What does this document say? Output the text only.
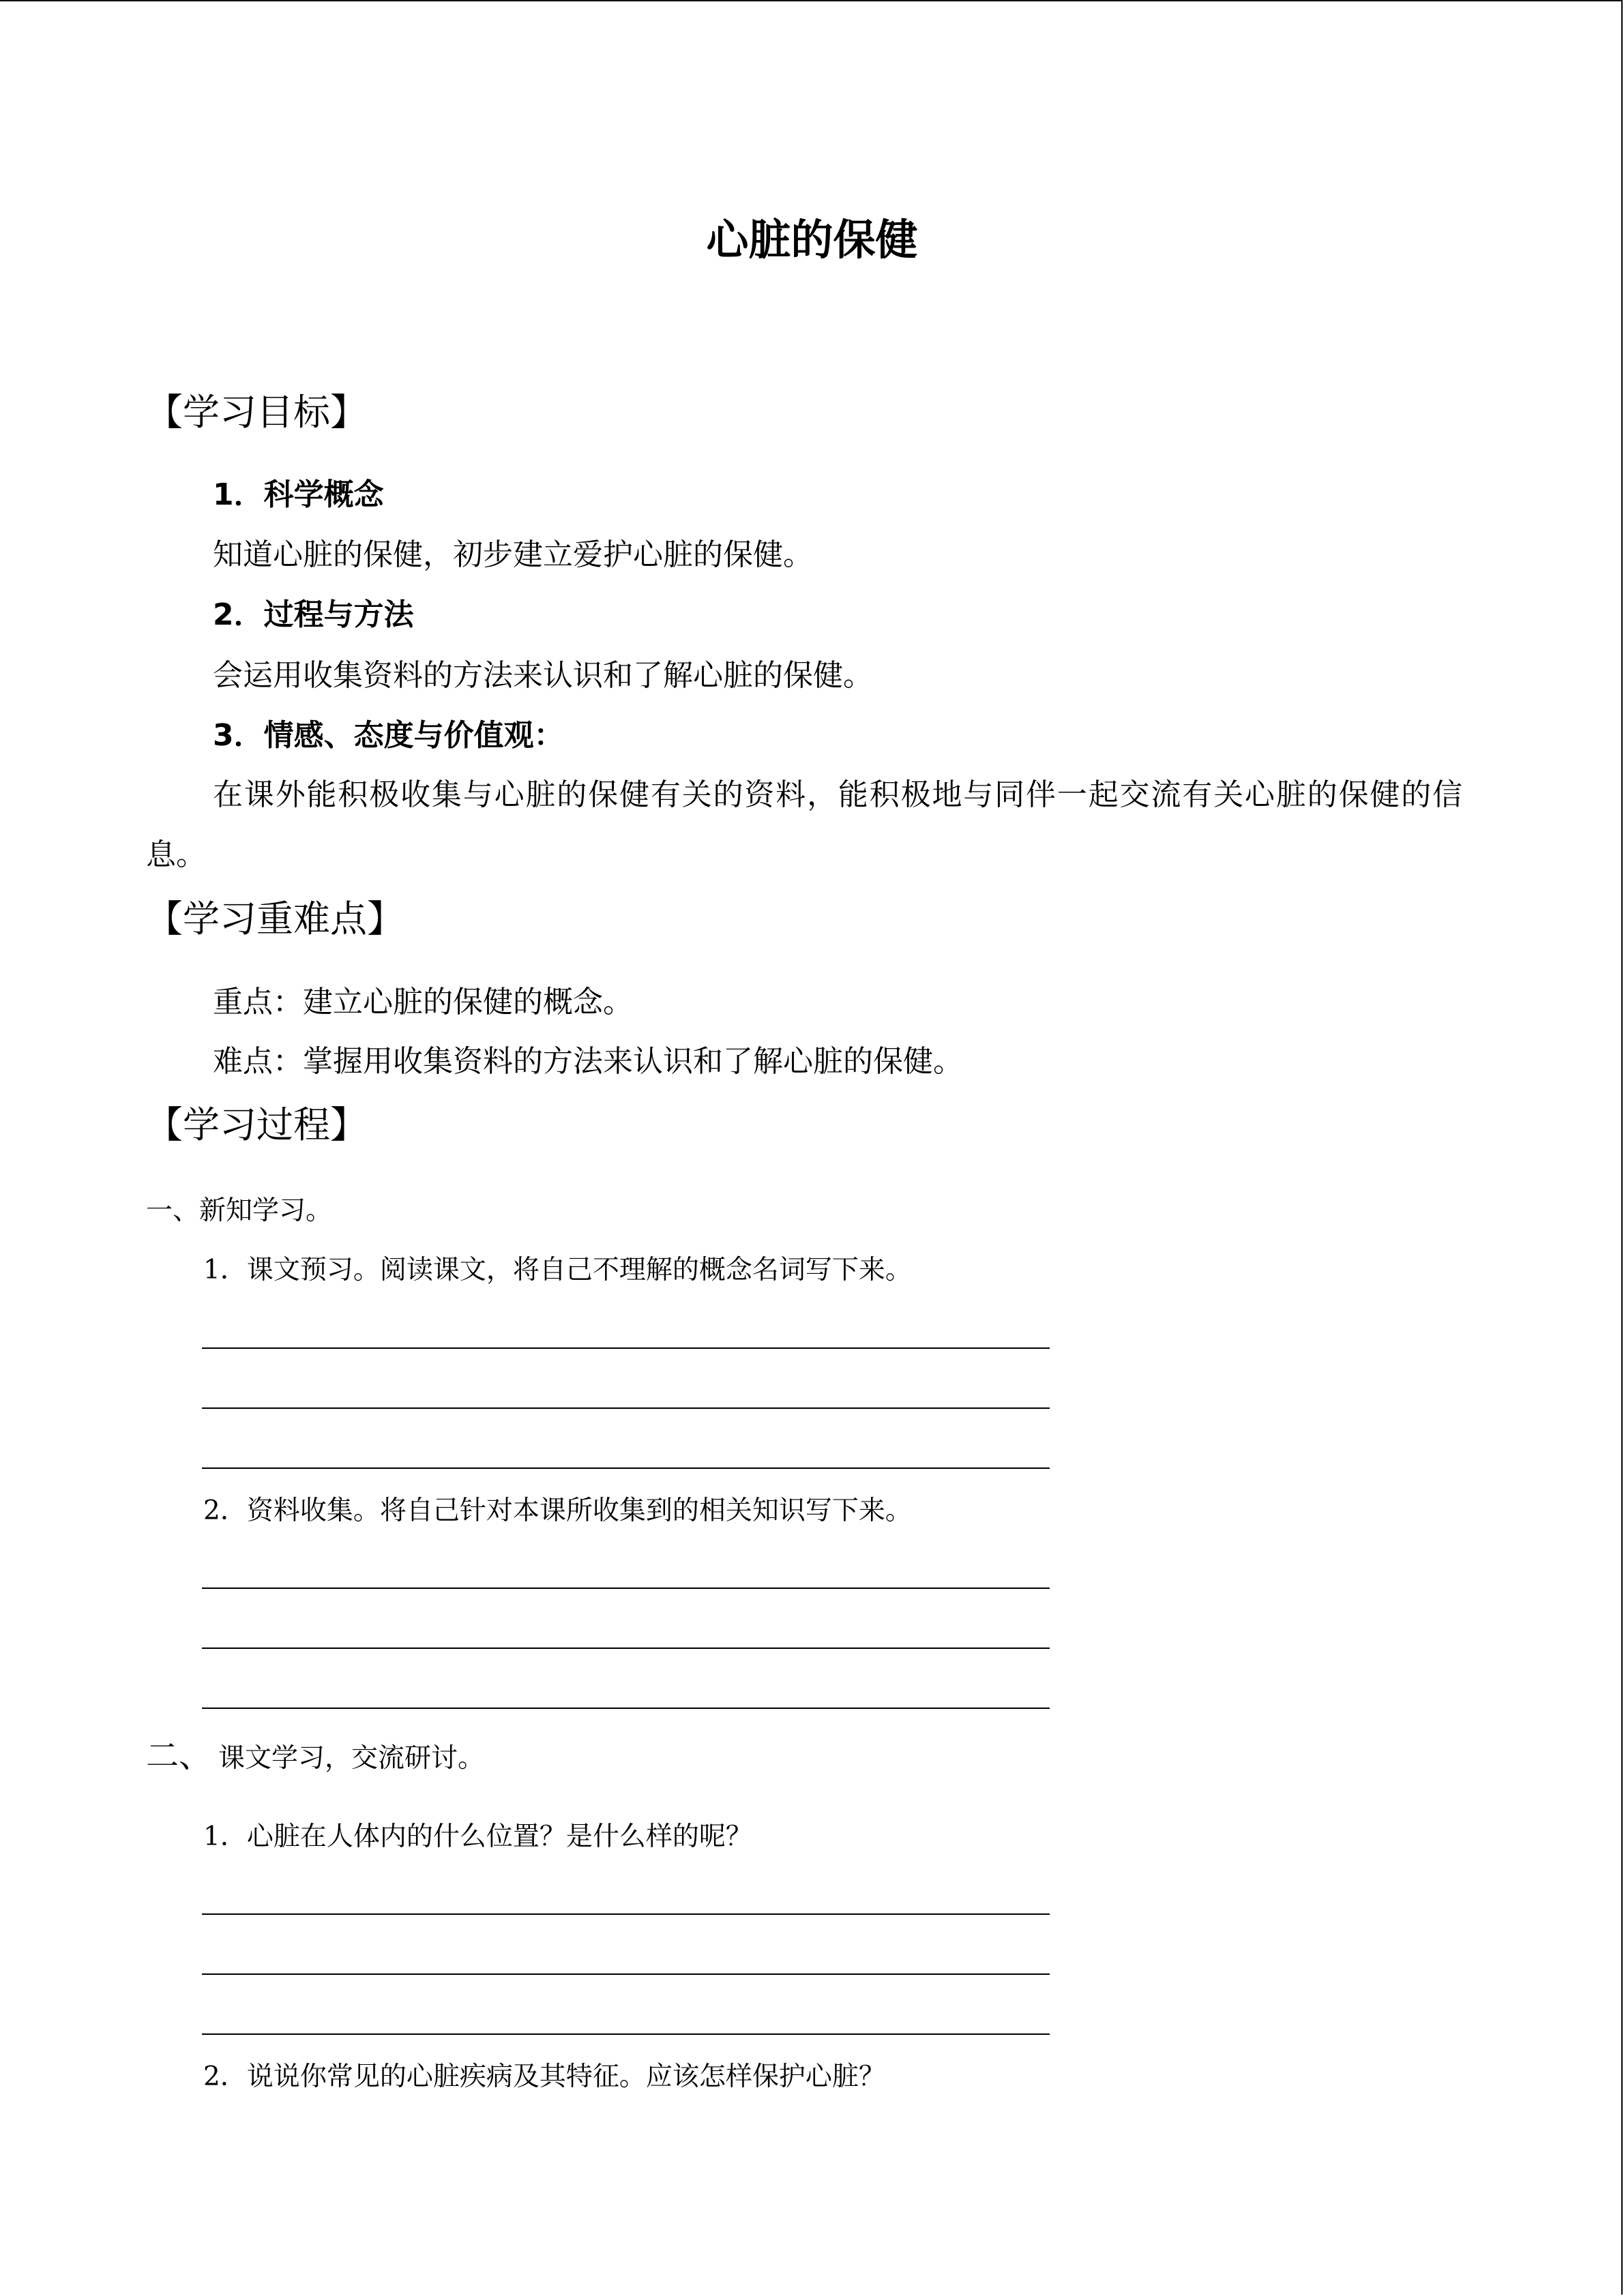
心脏的保健
【学习目标】
1．科学概念
知道心脏的保健，初步建立爱护心脏的保健。
2．过程与方法
会运用收集资料的方法来认识和了解心脏的保健。
3．情感、态度与价值观：
在课外能积极收集与心脏的保健有关的资料，能积极地与同伴一起交流有关心脏的保健的信息。
【学习重难点】
重点：建立心脏的保健的概念。
难点：掌握用收集资料的方法来认识和了解心脏的保健。
【学习过程】
一、新知学习。
1．课文预习。阅读课文，将自己不理解的概念名词写下来。
2．资料收集。将自己针对本课所收集到的相关知识写下来。
二、 课文学习，交流研讨。
1．心脏在人体内的什么位置？是什么样的呢？
2．说说你常见的心脏疾病及其特征。应该怎样保护心脏？
